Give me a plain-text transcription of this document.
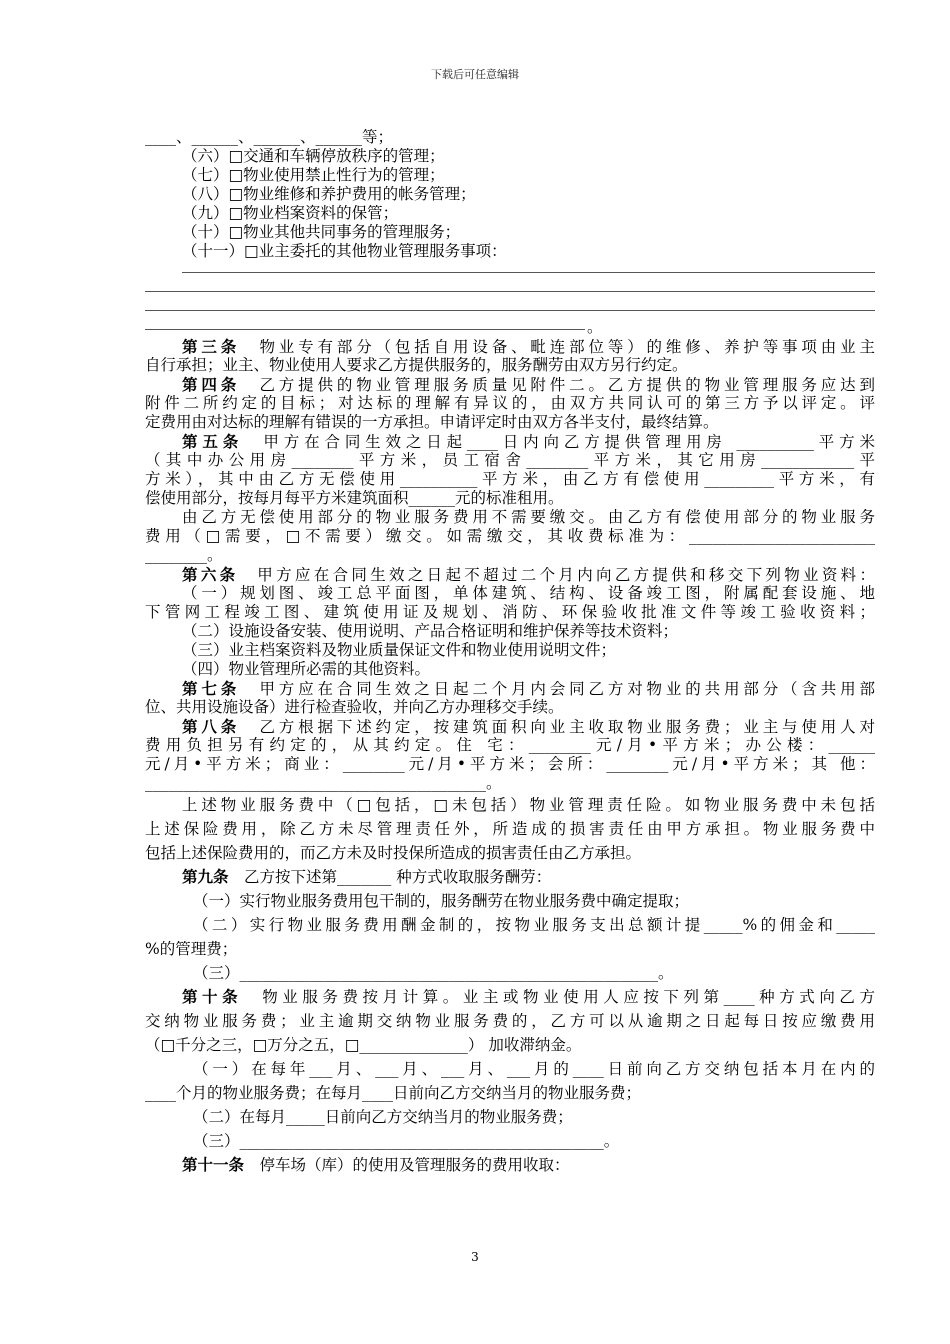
下载后可任意编辑
____、______、______、______等；
（六）□交通和车辆停放秩序的管理；
（七）□物业使用禁止性行为的管理；
（八）□物业维修和养护费用的帐务管理；
（九）□物业档案资料的保管；
（十）□物业其他共同事务的管理服务；
（十一）□业主委托的其他物业管理服务事项：
。
第三条　 物业专有部分（包括自用设备、毗连部位等）的维修、养护等事项由业主
自行承担；业主、物业使用人要求乙方提供服务的，服务酬劳由双方另行约定。
第四条　 乙方提供的物业管理服务质量见附件二。乙方提供的物业管理服务应达到
附件二所约定的目标；对达标的理解有异议的，由双方共同认可的第三方予以评定。评
定费用由对达标的理解有错误的一方承担。申请评定时由双方各半支付，最终结算。
第五条　 甲方在合同生效之日起____日内向乙方提供管理用房 __________平方米
（其中办公用房________平方米，员工宿舍________平方米，其它用房____________平
方米），其中由乙方无偿使用__________平方米，由乙方有偿使用_________平方米，有
偿使用部分，按每月每平方米建筑面积______元的标准租用。
由乙方无偿使用部分的物业服务费用不需要缴交。由乙方有偿使用部分的物业服务
费用（□需要，□不需要）缴交。如需缴交，其收费标准为：________________________
________。
第六条　 甲方应在合同生效之日起不超过二个月内向乙方提供和移交下列物业资料：
（一）规划图、竣工总平面图，单体建筑、结构、设备竣工图，附属配套设施、地
下管网工程竣工图、建筑使用证及规划、消防、环保验收批准文件等竣工验收资料；
（二）设施设备安装、使用说明、产品合格证明和维护保养等技术资料；
（三）业主档案资料及物业质量保证文件和物业使用说明文件；
（四）物业管理所必需的其他资料。
第七条　 甲方应在合同生效之日起二个月内会同乙方对物业的共用部分（含共用部
位、共用设施设备）进行检查验收，并向乙方办理移交手续。
第八条　 乙方根据下述约定，按建筑面积向业主收取物业服务费；业主与使用人对
费用负担另有约定的，从其约定。住 宅：________元/月•平方米；办公楼：______
元/月•平方米；商业：________元/月•平方米；会所：________元/月•平方米；其 他：
____________________________________________。
上述物业服务费中（□包括，□未包括）物业管理责任险。如物业服务费中未包括
上述保险费用，除乙方未尽管理责任外，所造成的损害责任由甲方承担。物业服务费中
包括上述保险费用的，而乙方未及时投保所造成的损害责任由乙方承担。
第九条　 乙方按下述第_______ 种方式收取服务酬劳：
（一）实行物业服务费用包干制的，服务酬劳在物业服务费中确定提取；
（二）实行物业服务费用酬金制的，按物业服务支出总额计提_____%的佣金和_____
%的管理费；
（三）______________________________________________________。
第十条　 物业服务费按月计算。业主或物业使用人应按下列第____种方式向乙方
交纳物业服务费；业主逾期交纳物业服务费的，乙方可以从逾期之日起每日按应缴费用
（□千分之三，□万分之五，□______________） 加收滞纳金。
（一）在每年___月、___月、___月、___月的____日前向乙方交纳包括本月在内的
____个月的物业服务费；在每月____日前向乙方交纳当月的物业服务费；
（二）在每月_____日前向乙方交纳当月的物业服务费；
（三）_______________________________________________。
第十一条　 停车场（库）的使用及管理服务的费用收取：
3
